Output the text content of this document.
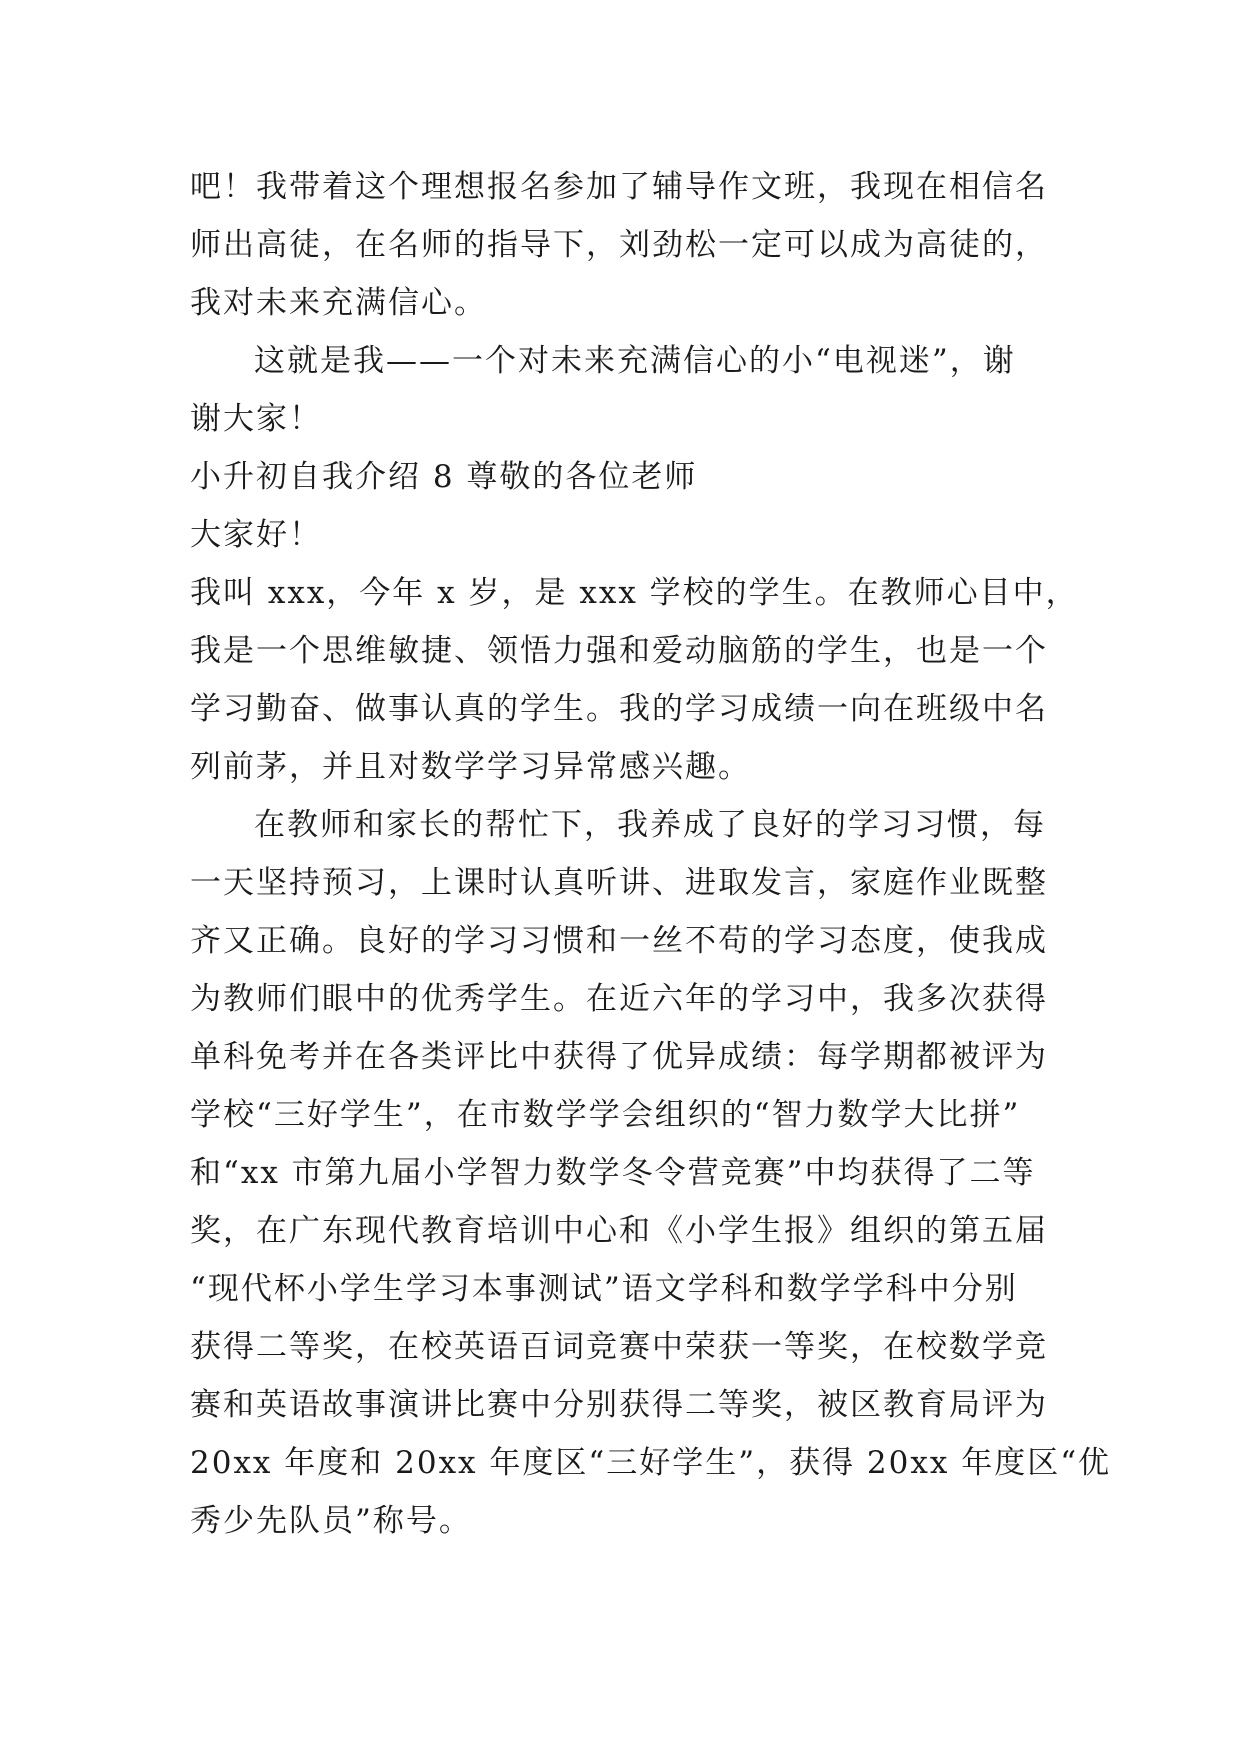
吧！我带着这个理想报名参加了辅导作文班，我现在相信名
师出高徒，在名师的指导下，刘劲松一定可以成为高徒的，
我对未来充满信心。
这就是我——一个对未来充满信心的小“电视迷”，谢
谢大家！
小升初自我介绍 8 尊敬的各位老师
大家好！
我叫 xxx，今年 x 岁，是 xxx 学校的学生。在教师心目中，
我是一个思维敏捷、领悟力强和爱动脑筋的学生，也是一个
学习勤奋、做事认真的学生。我的学习成绩一向在班级中名
列前茅，并且对数学学习异常感兴趣。
在教师和家长的帮忙下，我养成了良好的学习习惯，每
一天坚持预习，上课时认真听讲、进取发言，家庭作业既整
齐又正确。良好的学习习惯和一丝不苟的学习态度，使我成
为教师们眼中的优秀学生。在近六年的学习中，我多次获得
单科免考并在各类评比中获得了优异成绩：每学期都被评为
学校“三好学生”，在市数学学会组织的“智力数学大比拼”
和“xx 市第九届小学智力数学冬令营竞赛”中均获得了二等
奖，在广东现代教育培训中心和《小学生报》组织的第五届
“现代杯小学生学习本事测试”语文学科和数学学科中分别
获得二等奖，在校英语百词竞赛中荣获一等奖，在校数学竞
赛和英语故事演讲比赛中分别获得二等奖，被区教育局评为
20xx 年度和 20xx 年度区“三好学生”，获得 20xx 年度区“优
秀少先队员”称号。
